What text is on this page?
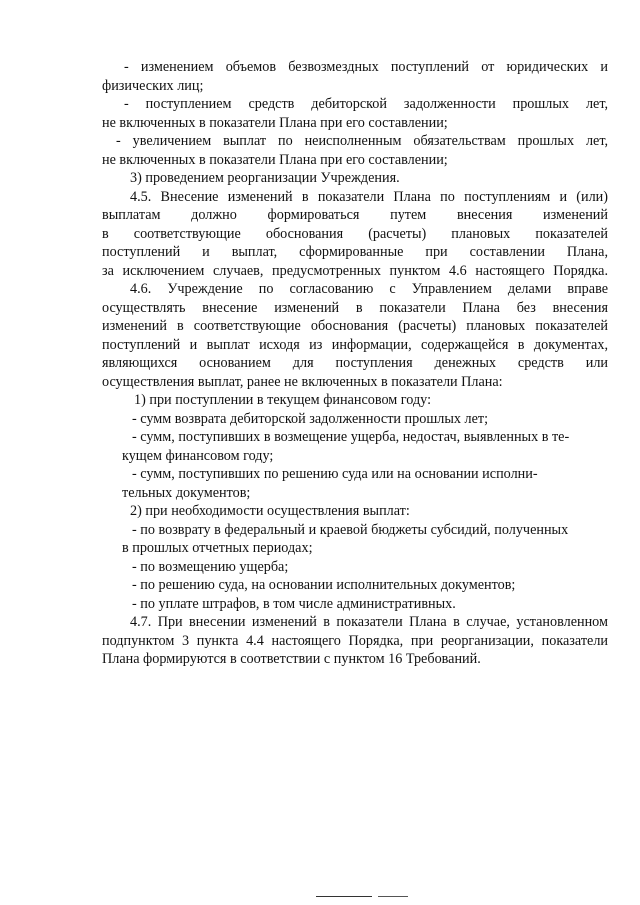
- изменением объемов безвозмездных поступлений от юридических и
физических лиц;
- поступлением средств дебиторской задолженности прошлых лет,
не включенных в показатели Плана при его составлении;
- увеличением выплат по неисполненным обязательствам прошлых лет,
не включенных в показатели Плана при его составлении;
3) проведением реорганизации Учреждения.
4.5. Внесение изменений в показатели Плана по поступлениям и (или)
выплатам должно формироваться путем внесения изменений
в соответствующие обоснования (расчеты) плановых показателей
поступлений и выплат, сформированные при составлении Плана,
за исключением случаев, предусмотренных пунктом 4.6 настоящего Порядка.
4.6. Учреждение по согласованию с Управлением делами вправе
осуществлять внесение изменений в показатели Плана без внесения
изменений в соответствующие обоснования (расчеты) плановых показателей
поступлений и выплат исходя из информации, содержащейся в документах,
являющихся основанием для поступления денежных средств или
осуществления выплат, ранее не включенных в показатели Плана:
1) при поступлении в текущем финансовом году:
- сумм возврата дебиторской задолженности прошлых лет;
- сумм, поступивших в возмещение ущерба, недостач, выявленных в те-
кущем финансовом году;
- сумм, поступивших по решению суда или на основании исполни-
тельных документов;
2) при необходимости осуществления выплат:
- по возврату в федеральный и краевой бюджеты субсидий, полученных
в прошлых отчетных периодах;
- по возмещению ущерба;
- по решению суда, на основании исполнительных документов;
- по уплате штрафов, в том числе административных.
4.7. При внесении изменений в показатели Плана в случае, установленном
подпунктом 3 пункта 4.4 настоящего Порядка, при реорганизации, показатели
Плана формируются в соответствии с пунктом 16 Требований.
